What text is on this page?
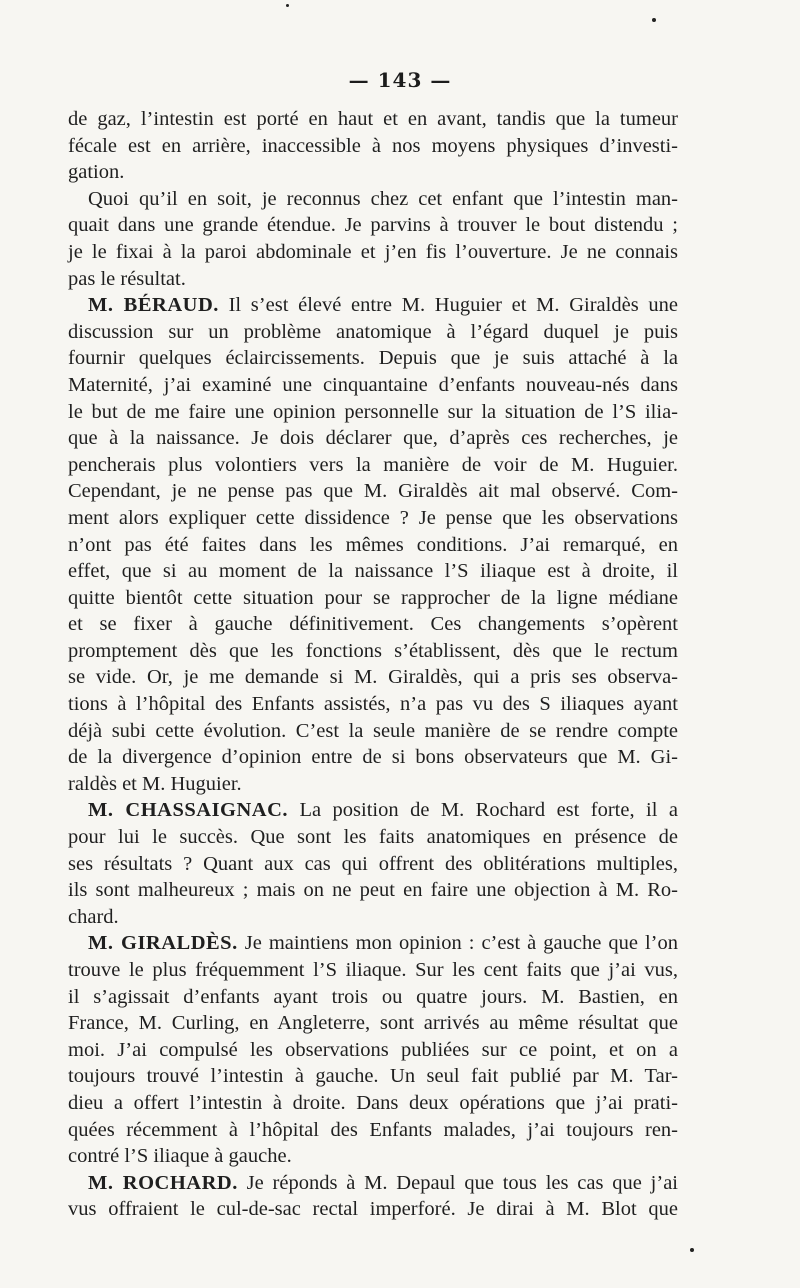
— 143 —
de gaz, l’intestin est porté en haut et en avant, tandis que la tumeur
fécale est en arrière, inaccessible à nos moyens physiques d’investi-
gation.
Quoi qu’il en soit, je reconnus chez cet enfant que l’intestin man-
quait dans une grande étendue. Je parvins à trouver le bout distendu ;
je le fixai à la paroi abdominale et j’en fis l’ouverture. Je ne connais
pas le résultat.
M. BÉRAUD. Il s’est élevé entre M. Huguier et M. Giraldès une
discussion sur un problème anatomique à l’égard duquel je puis
fournir quelques éclaircissements. Depuis que je suis attaché à la
Maternité, j’ai examiné une cinquantaine d’enfants nouveau-nés dans
le but de me faire une opinion personnelle sur la situation de l’S ilia-
que à la naissance. Je dois déclarer que, d’après ces recherches, je
pencherais plus volontiers vers la manière de voir de M. Huguier.
Cependant, je ne pense pas que M. Giraldès ait mal observé. Com-
ment alors expliquer cette dissidence ? Je pense que les observations
n’ont pas été faites dans les mêmes conditions. J’ai remarqué, en
effet, que si au moment de la naissance l’S iliaque est à droite, il
quitte bientôt cette situation pour se rapprocher de la ligne médiane
et se fixer à gauche définitivement. Ces changements s’opèrent
promptement dès que les fonctions s’établissent, dès que le rectum
se vide. Or, je me demande si M. Giraldès, qui a pris ses observa-
tions à l’hôpital des Enfants assistés, n’a pas vu des S iliaques ayant
déjà subi cette évolution. C’est la seule manière de se rendre compte
de la divergence d’opinion entre de si bons observateurs que M. Gi-
raldès et M. Huguier.
M. CHASSAIGNAC. La position de M. Rochard est forte, il a
pour lui le succès. Que sont les faits anatomiques en présence de
ses résultats ? Quant aux cas qui offrent des oblitérations multiples,
ils sont malheureux ; mais on ne peut en faire une objection à M. Ro-
chard.
M. GIRALDÈS. Je maintiens mon opinion : c’est à gauche que l’on
trouve le plus fréquemment l’S iliaque. Sur les cent faits que j’ai vus,
il s’agissait d’enfants ayant trois ou quatre jours. M. Bastien, en
France, M. Curling, en Angleterre, sont arrivés au même résultat que
moi. J’ai compulsé les observations publiées sur ce point, et on a
toujours trouvé l’intestin à gauche. Un seul fait publié par M. Tar-
dieu a offert l’intestin à droite. Dans deux opérations que j’ai prati-
quées récemment à l’hôpital des Enfants malades, j’ai toujours ren-
contré l’S iliaque à gauche.
M. ROCHARD. Je réponds à M. Depaul que tous les cas que j’ai
vus offraient le cul-de-sac rectal imperforé. Je dirai à M. Blot que
